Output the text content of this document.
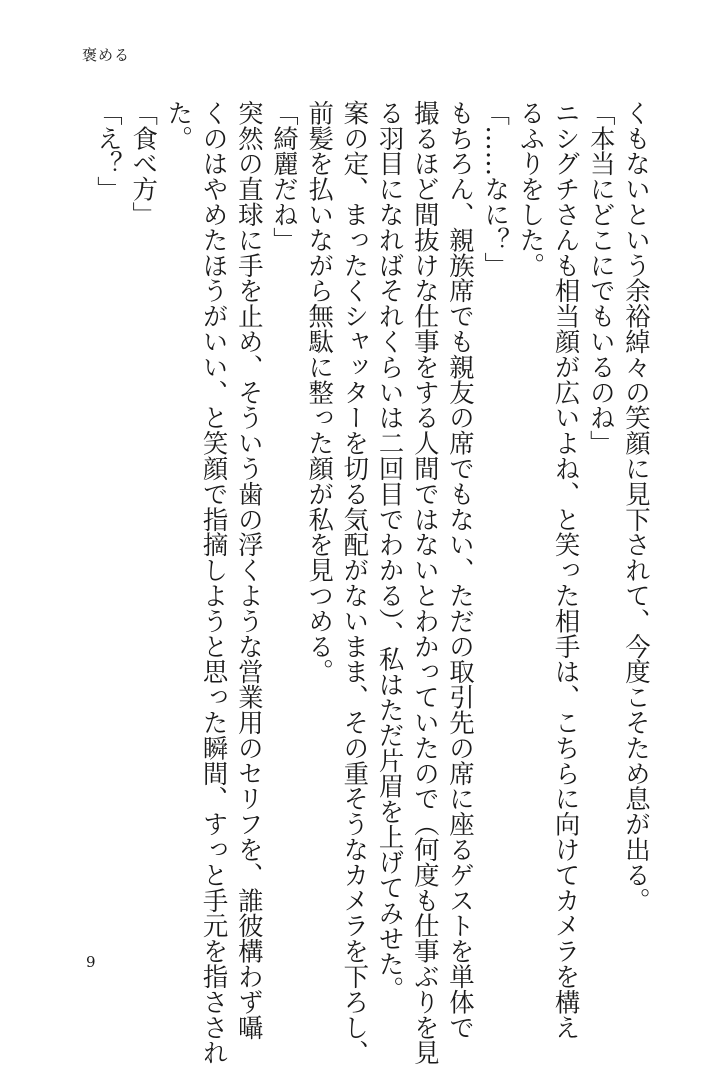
褒める

くもないという余裕綽々の笑顔に見下されて、今度こそため息が出る。

「本当にどこにでもいるのね」

ニシグチさんも相当顔が広いよね、と笑った相手は、こちらに向けてカメラを構え

るふりをした。

「……なに？」

もちろん、親族席でも親友の席でもない、ただの取引先の席に座るゲストを単体で

撮るほど間抜けな仕事をする人間ではないとわかっていたので（何度も仕事ぶりを見

る羽目になればそれくらいは二回目でわかる）、私はただ片眉を上げてみせた。

案の定、まったくシャッターを切る気配がないまま、その重そうなカメラを下ろし、

前髪を払いながら無駄に整った顔が私を見つめる。

「綺麗だね」

突然の直球に手を止め、そういう歯の浮くような営業用のセリフを、誰彼構わず囁

くのはやめたほうがいい、と笑顔で指摘しようと思った瞬間、すっと手元を指さされ

た。

「食べ方」

「え？」

9
